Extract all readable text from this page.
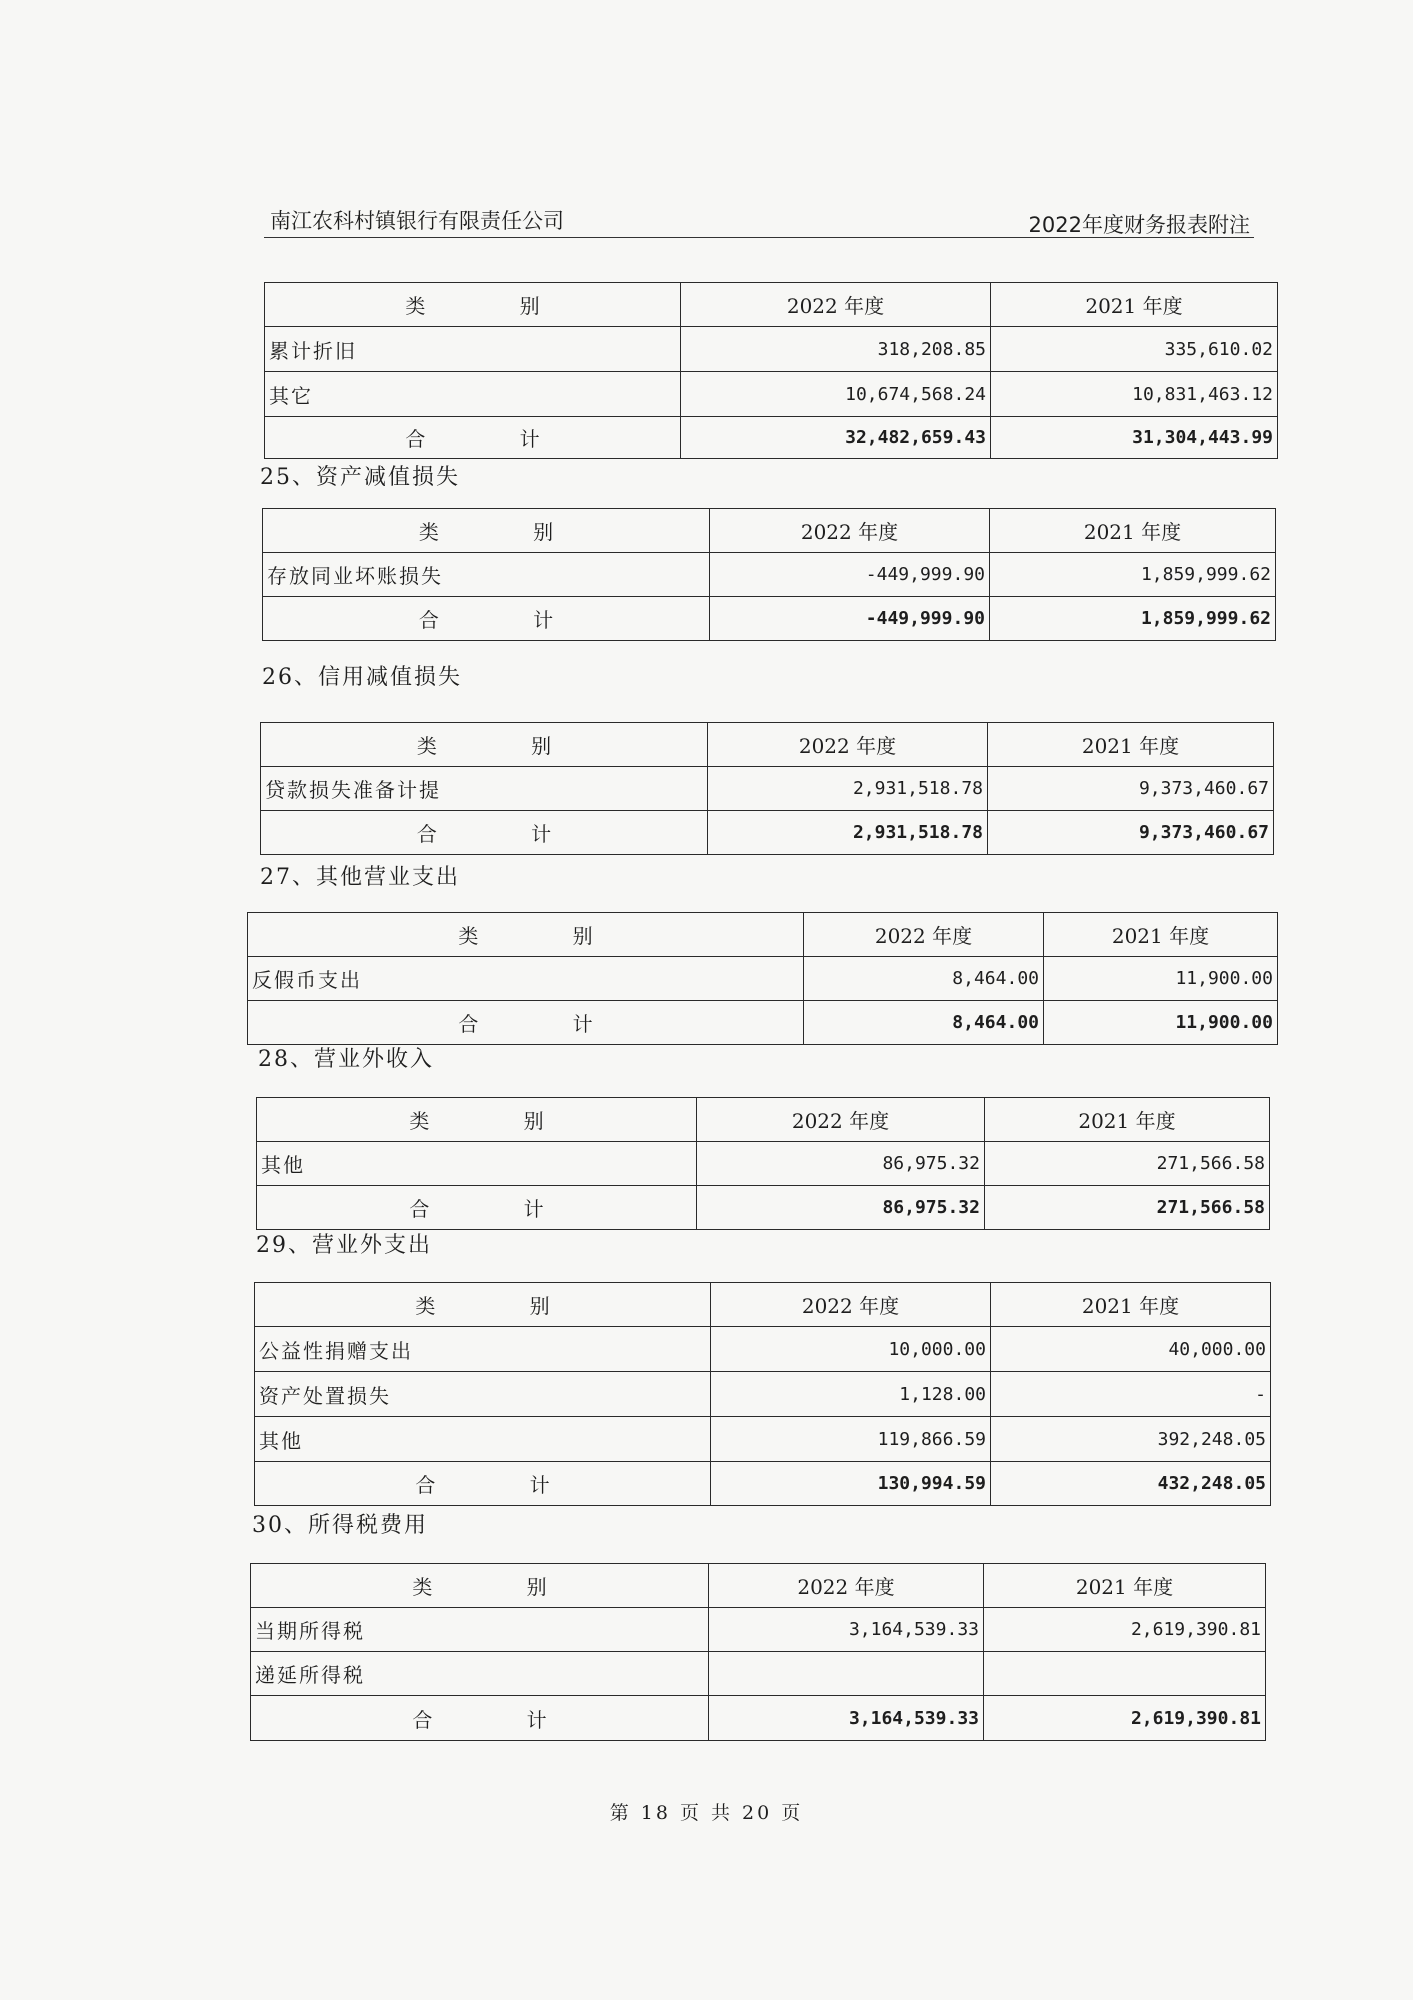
南江农科村镇银行有限责任公司	2022年度财务报表附注
类 别	2022 年度	2021 年度
累计折旧	318,208.85	335,610.02
其它	10,674,568.24	10,831,463.12
合 计	32,482,659.43	31,304,443.99
25、资产减值损失
类 别	2022 年度	2021 年度
存放同业坏账损失	-449,999.90	1,859,999.62
合 计	-449,999.90	1,859,999.62
26、信用减值损失
类 别	2022 年度	2021 年度
贷款损失准备计提	2,931,518.78	9,373,460.67
合 计	2,931,518.78	9,373,460.67
27、其他营业支出
类 别	2022 年度	2021 年度
反假币支出	8,464.00	11,900.00
合 计	8,464.00	11,900.00
28、营业外收入
类 别	2022 年度	2021 年度
其他	86,975.32	271,566.58
合 计	86,975.32	271,566.58
29、营业外支出
类 别	2022 年度	2021 年度
公益性捐赠支出	10,000.00	40,000.00
资产处置损失	1,128.00	-
其他	119,866.59	392,248.05
合 计	130,994.59	432,248.05
30、所得税费用
类 别	2022 年度	2021 年度
当期所得税	3,164,539.33	2,619,390.81
递延所得税		
合 计	3,164,539.33	2,619,390.81
第 18 页 共 20 页
